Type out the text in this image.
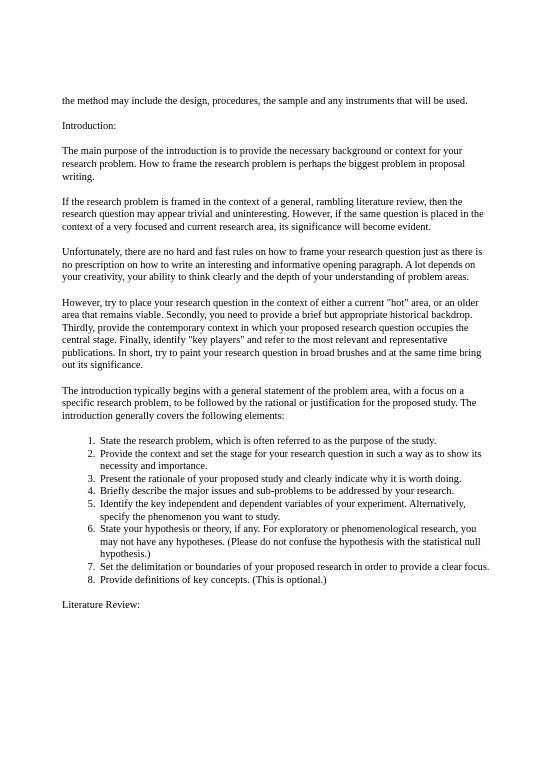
the method may include the design, procedures, the sample and any instruments that will be used.

Introduction:

The main purpose of the introduction is to provide the necessary background or context for your research problem. How to frame the research problem is perhaps the biggest problem in proposal writing.

If the research problem is framed in the context of a general, rambling literature review, then the research question may appear trivial and uninteresting. However, if the same question is placed in the context of a very focused and current research area, its significance will become evident.

Unfortunately, there are no hard and fast rules on how to frame your research question just as there is no prescription on how to write an interesting and informative opening paragraph. A lot depends on your creativity, your ability to think clearly and the depth of your understanding of problem areas.

However, try to place your research question in the context of either a current "hot" area, or an older area that remains viable. Secondly, you need to provide a brief but appropriate historical backdrop. Thirdly, provide the contemporary context in which your proposed research question occupies the central stage. Finally, identify "key players" and refer to the most relevant and representative publications. In short, try to paint your research question in broad brushes and at the same time bring out its significance.

The introduction typically begins with a general statement of the problem area, with a focus on a specific research problem, to be followed by the rational or justification for the proposed study. The introduction generally covers the following elements:

1. State the research problem, which is often referred to as the purpose of the study.
2. Provide the context and set the stage for your research question in such a way as to show its necessity and importance.
3. Present the rationale of your proposed study and clearly indicate why it is worth doing.
4. Briefly describe the major issues and sub-problems to be addressed by your research.
5. Identify the key independent and dependent variables of your experiment. Alternatively, specify the phenomenon you want to study.
6. State your hypothesis or theory, if any. For exploratory or phenomenological research, you may not have any hypotheses. (Please do not confuse the hypothesis with the statistical null hypothesis.)
7. Set the delimitation or boundaries of your proposed research in order to provide a clear focus.
8. Provide definitions of key concepts. (This is optional.)

Literature Review:
